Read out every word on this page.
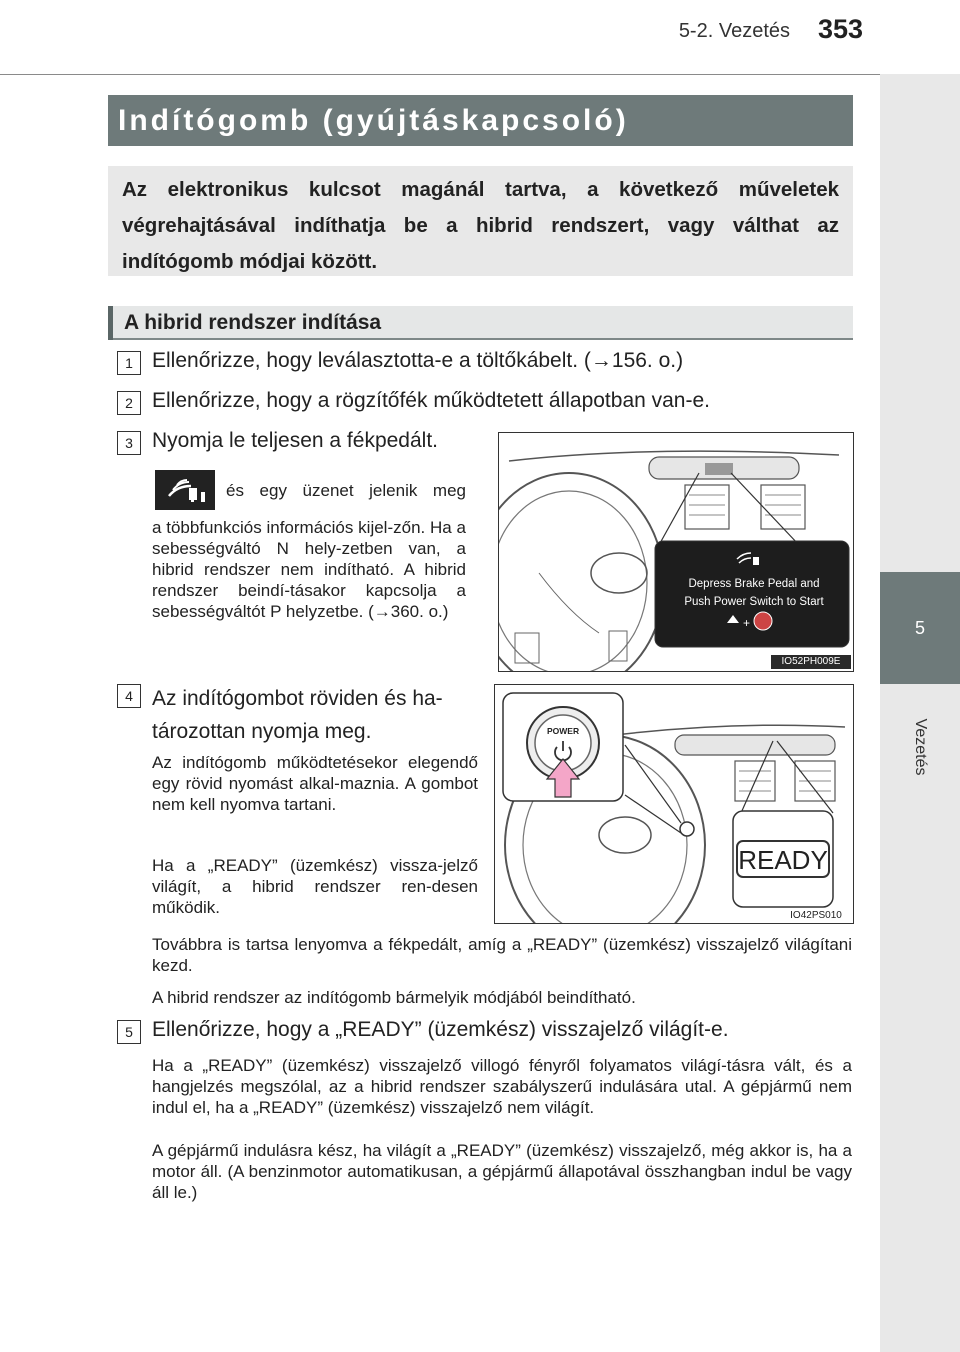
5-2. Vezetés 353
5
Vezetés
Indítógomb (gyújtáskapcsoló)
Az elektronikus kulcsot magánál tartva, a következő műveletek végrehajtásával indíthatja be a hibrid rendszert, vagy válthat az indítógomb módjai között.
A hibrid rendszer indítása
1 Ellenőrizze, hogy leválasztotta-e a töltőkábelt. (→156. o.)
2 Ellenőrizze, hogy a rögzítőfék működtetett állapotban van-e.
3 Nyomja le teljesen a fékpedált.
és egy üzenet jelenik meg
a többfunkciós információs kijel-zőn. Ha a sebességváltó N hely-zetben van, a hibrid rendszer nem indítható. A hibrid rendszer beindí-tásakor kapcsolja a sebességváltót P helyzetbe. (→360. o.)
+
Depress Brake Pedal and
Push Power Switch to Start
IO52PH009E
4 Az indítógombot röviden és ha-
tározottan nyomja meg.
Az indítógomb működtetésekor elegendő egy rövid nyomást alkal-maznia. A gombot nem kell nyomva tartani.
Ha a „READY” (üzemkész) vissza-jelző világít, a hibrid rendszer ren-desen működik.
POWER
READY
IO42PS010
Továbbra is tartsa lenyomva a fékpedált, amíg a „READY” (üzemkész) visszajelző világítani kezd.
A hibrid rendszer az indítógomb bármelyik módjából beindítható.
5 Ellenőrizze, hogy a „READY” (üzemkész) visszajelző világít-e.
Ha a „READY” (üzemkész) visszajelző villogó fényről folyamatos világí-tásra vált, és a hangjelzés megszólal, az a hibrid rendszer szabályszerű indulására utal. A gépjármű nem indul el, ha a „READY” (üzemkész) visszajelző nem világít.
A gépjármű indulásra kész, ha világít a „READY” (üzemkész) visszajelző, még akkor is, ha a motor áll. (A benzinmotor automatikusan, a gépjármű állapotával összhangban indul be vagy áll le.)
